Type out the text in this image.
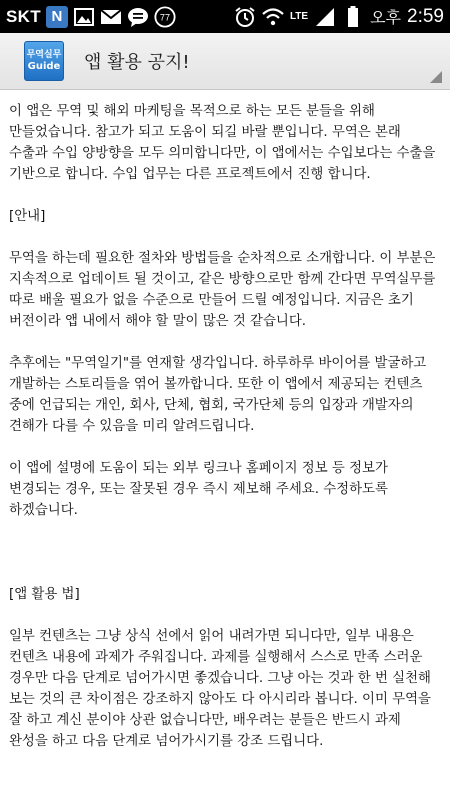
SKT N	77	LTE	오후 2:59
무역실무
Guide 앱 활용 공지!

이 앱은 무역 및 해외 마케팅을 목적으로 하는 모든 분들을 위해 만들었습니다. 참고가 되고 도움이 되길 바랄 뿐입니다. 무역은 본래 수출과 수입 양방향을 모두 의미합니다만, 이 앱에서는 수입보다는 수출을 기반으로 합니다. 수입 업무는 다른 프로젝트에서 진행 합니다.

[안내]

무역을 하는데 필요한 절차와 방법들을 순차적으로 소개합니다. 이 부분은 지속적으로 업데이트 될 것이고, 같은 방향으로만 함께 간다면 무역실무를 따로 배울 필요가 없을 수준으로 만들어 드릴 예정입니다. 지금은 초기 버전이라 앱 내에서 해야 할 말이 많은 것 같습니다.

추후에는 "무역일기"를 연재할 생각입니다. 하루하루 바이어를 발굴하고 개발하는 스토리들을 엮어 볼까합니다. 또한 이 앱에서 제공되는 컨텐츠 중에 언급되는 개인, 회사, 단체, 협회, 국가단체 등의 입장과 개발자의 견해가 다를 수 있음을 미리 알려드립니다.

이 앱에 설명에 도움이 되는 외부 링크나 홈페이지 정보 등 정보가 변경되는 경우, 또는 잘못된 경우 즉시 제보해 주세요. 수정하도록 하겠습니다.

[앱 활용 법]

일부 컨텐츠는 그냥 상식 선에서 읽어 내려가면 되니다만, 일부 내용은 컨텐츠 내용에 과제가 주워집니다. 과제를 실행해서 스스로 만족 스러운 경우만 다음 단계로 넘어가시면 좋겠습니다. 그냥 아는 것과 한 번 실천해 보는 것의 큰 차이점은 강조하지 않아도 다 아시리라 봅니다. 이미 무역을 잘 하고 계신 분이야 상관 없습니다만, 배우려는 분들은 반드시 과제 완성을 하고 다음 단계로 넘어가시기를 강조 드립니다.
